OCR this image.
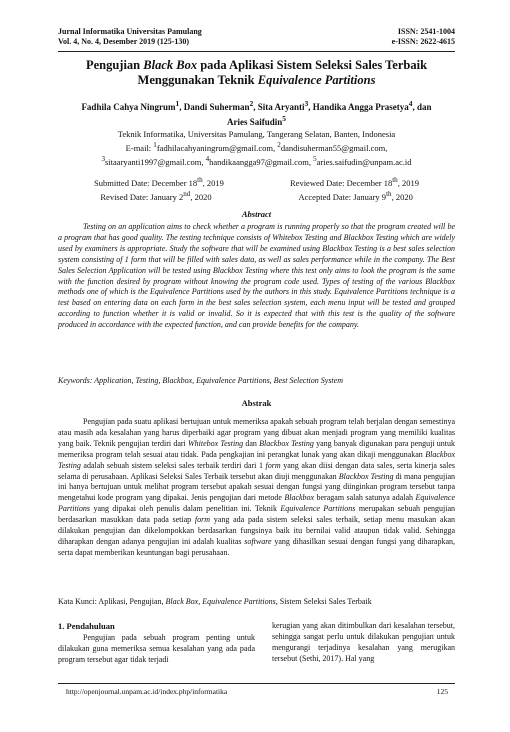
Jurnal Informatika Universitas Pamulang
Vol. 4, No. 4, Desember 2019 (125-130)
ISSN: 2541-1004
e-ISSN: 2622-4615
Pengujian Black Box pada Aplikasi Sistem Seleksi Sales Terbaik
Menggunakan Teknik Equivalence Partitions
Fadhila Cahya Ningrum$^1$, Dandi Suherman$^2$, Sita Aryanti$^3$, Handika Angga Prasetya$^4$, dan
Aries Saifudin$^5$
Teknik Informatika, Universitas Pamulang, Tangerang Selatan, Banten, Indonesia
E-mail: $^1$fadhilacahyaningrum@gmail.com, $^2$dandisuherman55@gmail.com,
$^3$sitaaryanti1997@gmail.com, $^4$handikaangga97@gmail.com, $^5$aries.saifudin@unpam.ac.id
Submitted Date: December 18th, 2019
Revised Date: January 2nd, 2020
Reviewed Date: December 18th, 2019
Accepted Date: January 9th, 2020
Abstract
Testing on an application aims to check whether a program is running properly so that the program created will be a program that has good quality. The testing technique consists of Whitebox Testing and Blackbox Testing which are widely used by examiners is appropriate. Study the software that will be examined using Blackbox Testing is a best sales selection system consisting of 1 form that will be filled with sales data, as well as sales performance while in the company. The Best Sales Selection Application will be tested using Blackbox Testing where this test only aims to look the program is the same with the function desired by program without knowing the program code used. Types of testing of the various Blackbox methods one of which is the Equivalence Partitions used by the authors in this study. Equivalence Partitions technique is a test based on entering data on each form in the best sales selection system, each menu input will be tested and grouped according to function whether it is valid or invalid. So it is expected that with this test is the quality of the software produced in accordance with the expected function, and can provide benefits for the company.
Keywords: Application, Testing, Blackbox, Equivalence Partitions, Best Selection System
Abstrak
Pengujian pada suatu aplikasi bertujuan untuk memeriksa apakah sebuah program telah berjalan dengan semestinya atau masih ada kesalahan yang harus diperbaiki agar program yang dibuat akan menjadi program yang memiliki kualitas yang baik. Teknik pengujian terdiri dari Whitebox Testing dan Blackbox Testing yang banyak digunakan para penguji untuk memeriksa program telah sesuai atau tidak. Pada pengkajian ini perangkat lunak yang akan dikaji menggunakan Blackbox Testing adalah sebuah sistem seleksi sales terbaik terdiri dari 1 form yang akan diisi dengan data sales, serta kinerja sales selama di perusahaan. Aplikasi Seleksi Sales Terbaik tersebut akan diuji menggunakan Blackbox Testing di mana pengujian ini hanya bertujuan untuk melihat program tersebut apakah sesuai dengan fungsi yang diinginkan program tersebut tanpa mengetahui kode program yang dipakai. Jenis pengujian dari metode Blackbox beragam salah satunya adalah Equivalence Partitions yang dipakai oleh penulis dalam penelitian ini. Teknik Equivalence Partitions merupakan sebuah pengujian berdasarkan masukkan data pada setiap form yang ada pada sistem seleksi sales terbaik, setiap menu masukan akan dilakukan pengujian dan dikelompokkan berdasarkan fungsinya baik itu bernilai valid ataupun tidak valid. Sehingga diharapkan dengan adanya pengujian ini adalah kualitas software yang dihasilkan sesuai dengan fungsi yang diharapkan, serta dapat memberikan keuntungan bagi perusahaan.
Kata Kunci: Aplikasi, Pengujian, Black Box, Equivalence Partitions, Sistem Seleksi Sales Terbaik
1. Pendahuluan
Pengujian pada sebuah program penting untuk dilakukan guna memeriksa semua kesalahan yang ada pada program tersebut agar tidak terjadi
kerugian yang akan ditimbulkan dari kesalahan tersebut, sehingga sangat perlu untuk dilakukan pengujian untuk mengurangi terjadinya kesalahan yang merugikan tersebut (Sethi, 2017). Hal yang
http://openjournal.unpam.ac.id/index.php/informatika	125
